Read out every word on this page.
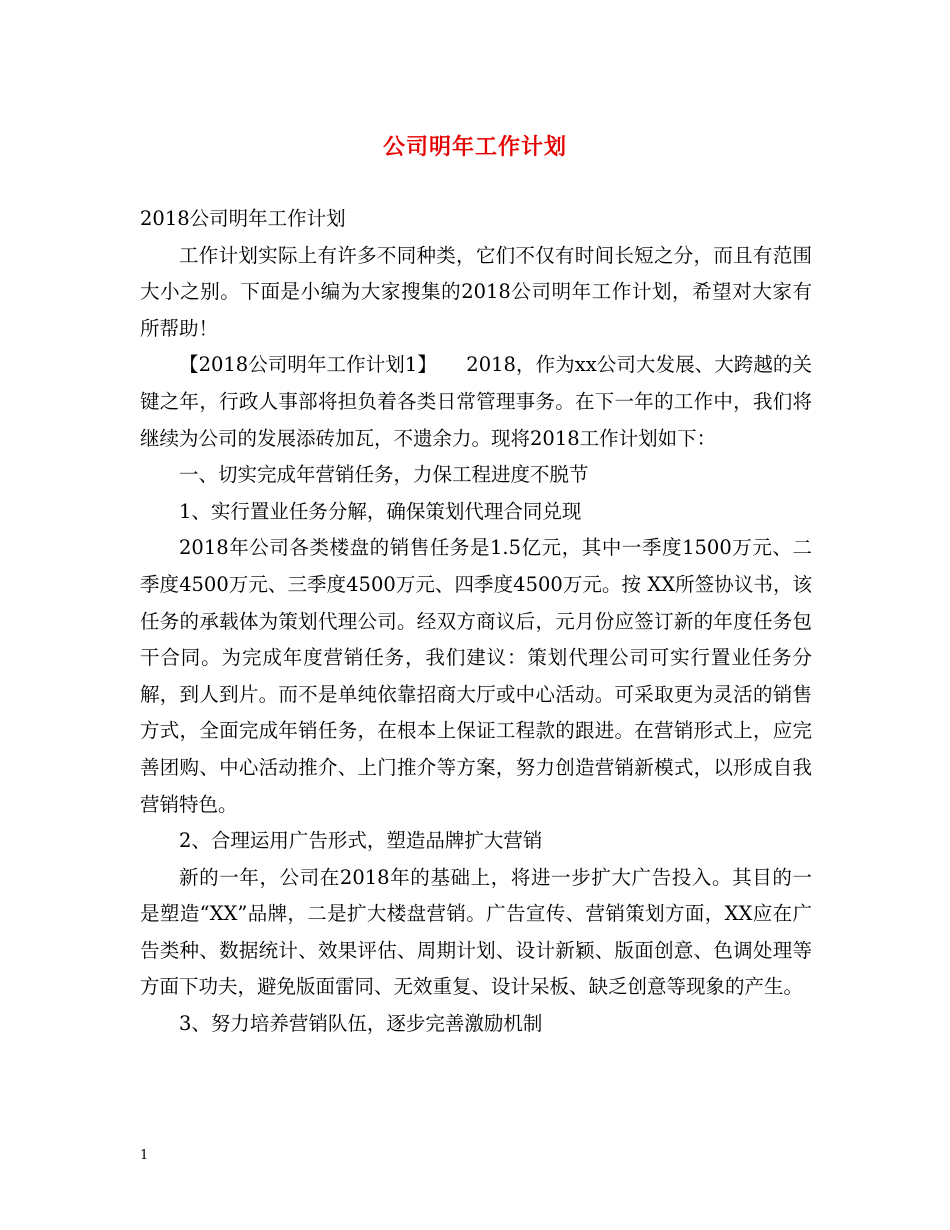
公司明年工作计划

2018公司明年工作计划

工作计划实际上有许多不同种类，它们不仅有时间长短之分，而且有范围大小之别。下面是小编为大家搜集的2018公司明年工作计划，希望对大家有所帮助！

【2018公司明年工作计划1】　　2018，作为xx公司大发展、大跨越的关键之年，行政人事部将担负着各类日常管理事务。在下一年的工作中，我们将继续为公司的发展添砖加瓦，不遗余力。现将2018工作计划如下：

一、切实完成年营销任务，力保工程进度不脱节

1、实行置业任务分解，确保策划代理合同兑现

2018年公司各类楼盘的销售任务是1.5亿元，其中一季度1500万元、二季度4500万元、三季度4500万元、四季度4500万元。按 XX所签协议书，该任务的承载体为策划代理公司。经双方商议后，元月份应签订新的年度任务包干合同。为完成年度营销任务，我们建议：策划代理公司可实行置业任务分解，到人到片。而不是单纯依靠招商大厅或中心活动。可采取更为灵活的销售方式，全面完成年销任务，在根本上保证工程款的跟进。在营销形式上，应完善团购、中心活动推介、上门推介等方案，努力创造营销新模式，以形成自我营销特色。

2、合理运用广告形式，塑造品牌扩大营销

新的一年，公司在2018年的基础上，将进一步扩大广告投入。其目的一是塑造“XX”品牌，二是扩大楼盘营销。广告宣传、营销策划方面，XX应在广告类种、数据统计、效果评估、周期计划、设计新颖、版面创意、色调处理等方面下功夫，避免版面雷同、无效重复、设计呆板、缺乏创意等现象的产生。

3、努力培养营销队伍，逐步完善激励机制

1
